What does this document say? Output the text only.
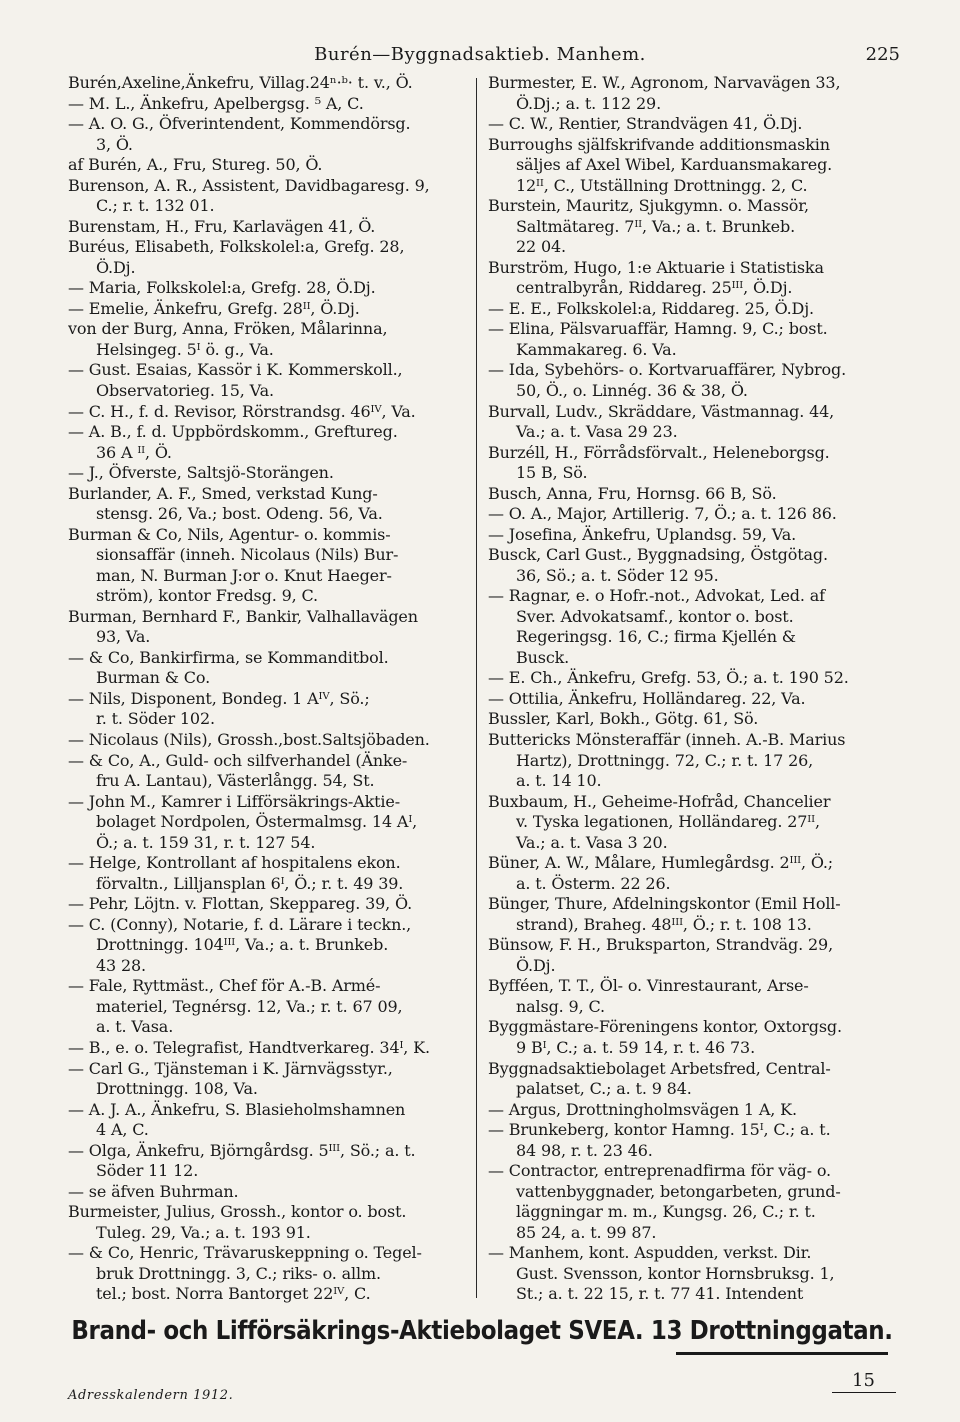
Burén—Byggnadsaktieb. Manhem.	225
Burén,Axeline,Änkefru, Villag.24ⁿ·ᵇ· t. v., Ö.
— M. L., Änkefru, Apelbergsg. ⁵ A, C.
— A. O. G., Öfverintendent, Kommendörsg.
3, Ö.
af Burén, A., Fru, Stureg. 50, Ö.
Burenson, A. R., Assistent, Davidbagaresg. 9,
C.; r. t. 132 01.
Burenstam, H., Fru, Karlavägen 41, Ö.
Buréus, Elisabeth, Folkskolel:a, Grefg. 28,
Ö.Dj.
— Maria, Folkskolel:a, Grefg. 28, Ö.Dj.
— Emelie, Änkefru, Grefg. 28ᴵᴵ, Ö.Dj.
von der Burg, Anna, Fröken, Målarinna,
Helsingeg. 5ᴵ ö. g., Va.
— Gust. Esaias, Kassör i K. Kommerskoll.,
Observatorieg. 15, Va.
— C. H., f. d. Revisor, Rörstrandsg. 46ᴵⱽ, Va.
— A. B., f. d. Uppbördskomm., Greftureg.
36 A ᴵᴵ, Ö.
— J., Öfverste, Saltsjö-Storängen.
Burlander, A. F., Smed, verkstad Kung-
stensg. 26, Va.; bost. Odeng. 56, Va.
Burman & Co, Nils, Agentur- o. kommis-
sionsaffär (inneh. Nicolaus (Nils) Bur-
man, N. Burman J:or o. Knut Haeger-
ström), kontor Fredsg. 9, C.
Burman, Bernhard F., Bankir, Valhallavägen
93, Va.
— & Co, Bankirfirma, se Kommanditbol.
Burman & Co.
— Nils, Disponent, Bondeg. 1 Aᴵⱽ, Sö.;
r. t. Söder 102.
— Nicolaus (Nils), Grossh.,bost.Saltsjöbaden.
— & Co, A., Guld- och silfverhandel (Änke-
fru A. Lantau), Västerlångg. 54, St.
— John M., Kamrer i Lifförsäkrings-Aktie-
bolaget Nordpolen, Östermalmsg. 14 Aᴵ,
Ö.; a. t. 159 31, r. t. 127 54.
— Helge, Kontrollant af hospitalens ekon.
förvaltn., Lilljansplan 6ᴵ, Ö.; r. t. 49 39.
— Pehr, Löjtn. v. Flottan, Skeppareg. 39, Ö.
— C. (Conny), Notarie, f. d. Lärare i teckn.,
Drottningg. 104ᴵᴵᴵ, Va.; a. t. Brunkeb.
43 28.
— Fale, Ryttmäst., Chef för A.-B. Armé-
materiel, Tegnérsg. 12, Va.; r. t. 67 09,
a. t. Vasa.
— B., e. o. Telegrafist, Handtverkareg. 34ᴵ, K.
— Carl G., Tjänsteman i K. Järnvägsstyr.,
Drottningg. 108, Va.
— A. J. A., Änkefru, S. Blasieholmshamnen
4 A, C.
— Olga, Änkefru, Björngårdsg. 5ᴵᴵᴵ, Sö.; a. t.
Söder 11 12.
— se äfven Buhrman.
Burmeister, Julius, Grossh., kontor o. bost.
Tuleg. 29, Va.; a. t. 193 91.
— & Co, Henric, Trävaruskeppning o. Tegel-
bruk Drottningg. 3, C.; riks- o. allm.
tel.; bost. Norra Bantorget 22ᴵⱽ, C.
Burmester, E. W., Agronom, Narvavägen 33,
Ö.Dj.; a. t. 112 29.
— C. W., Rentier, Strandvägen 41, Ö.Dj.
Burroughs själfskrifvande additionsmaskin
säljes af Axel Wibel, Karduansmakareg.
12ᴵᴵ, C., Utställning Drottningg. 2, C.
Burstein, Mauritz, Sjukgymn. o. Massör,
Saltmätareg. 7ᴵᴵ, Va.; a. t. Brunkeb.
22 04.
Burström, Hugo, 1:e Aktuarie i Statistiska
centralbyrån, Riddareg. 25ᴵᴵᴵ, Ö.Dj.
— E. E., Folkskolel:a, Riddareg. 25, Ö.Dj.
— Elina, Pälsvaruaffär, Hamng. 9, C.; bost.
Kammakareg. 6. Va.
— Ida, Sybehörs- o. Kortvaruaffärer, Nybrog.
50, Ö., o. Linnég. 36 & 38, Ö.
Burvall, Ludv., Skräddare, Västmannag. 44,
Va.; a. t. Vasa 29 23.
Burzéll, H., Förrådsförvalt., Heleneborgsg.
15 B, Sö.
Busch, Anna, Fru, Hornsg. 66 B, Sö.
— O. A., Major, Artillerig. 7, Ö.; a. t. 126 86.
— Josefina, Änkefru, Uplandsg. 59, Va.
Busck, Carl Gust., Byggnadsing, Östgötag.
36, Sö.; a. t. Söder 12 95.
— Ragnar, e. o Hofr.-not., Advokat, Led. af
Sver. Advokatsamf., kontor o. bost.
Regeringsg. 16, C.; firma Kjellén &
Busck.
— E. Ch., Änkefru, Grefg. 53, Ö.; a. t. 190 52.
— Ottilia, Änkefru, Holländareg. 22, Va.
Bussler, Karl, Bokh., Götg. 61, Sö.
Buttericks Mönsteraffär (inneh. A.-B. Marius
Hartz), Drottningg. 72, C.; r. t. 17 26,
a. t. 14 10.
Buxbaum, H., Geheime-Hofråd, Chancelier
v. Tyska legationen, Holländareg. 27ᴵᴵ,
Va.; a. t. Vasa 3 20.
Büner, A. W., Målare, Humlegårdsg. 2ᴵᴵᴵ, Ö.;
a. t. Österm. 22 26.
Bünger, Thure, Afdelningskontor (Emil Holl-
strand), Braheg. 48ᴵᴵᴵ, Ö.; r. t. 108 13.
Bünsow, F. H., Bruksparton, Strandväg. 29,
Ö.Dj.
Byfféen, T. T., Öl- o. Vinrestaurant, Arse-
nalsg. 9, C.
Byggmästare-Föreningens kontor, Oxtorgsg.
9 Bᴵ, C.; a. t. 59 14, r. t. 46 73.
Byggnadsaktiebolaget Arbetsfred, Central-
palatset, C.; a. t. 9 84.
— Argus, Drottningholmsvägen 1 A, K.
— Brunkeberg, kontor Hamng. 15ᴵ, C.; a. t.
84 98, r. t. 23 46.
— Contractor, entreprenadfirma för väg- o.
vattenbyggnader, betongarbeten, grund-
läggningar m. m., Kungsg. 26, C.; r. t.
85 24, a. t. 99 87.
— Manhem, kont. Aspudden, verkst. Dir.
Gust. Svensson, kontor Hornsbruksg. 1,
St.; a. t. 22 15, r. t. 77 41. Intendent
Brand- och Lifförsäkrings-Aktiebolaget SVEA. 13 Drottninggatan.
Adresskalendern 1912.
15
